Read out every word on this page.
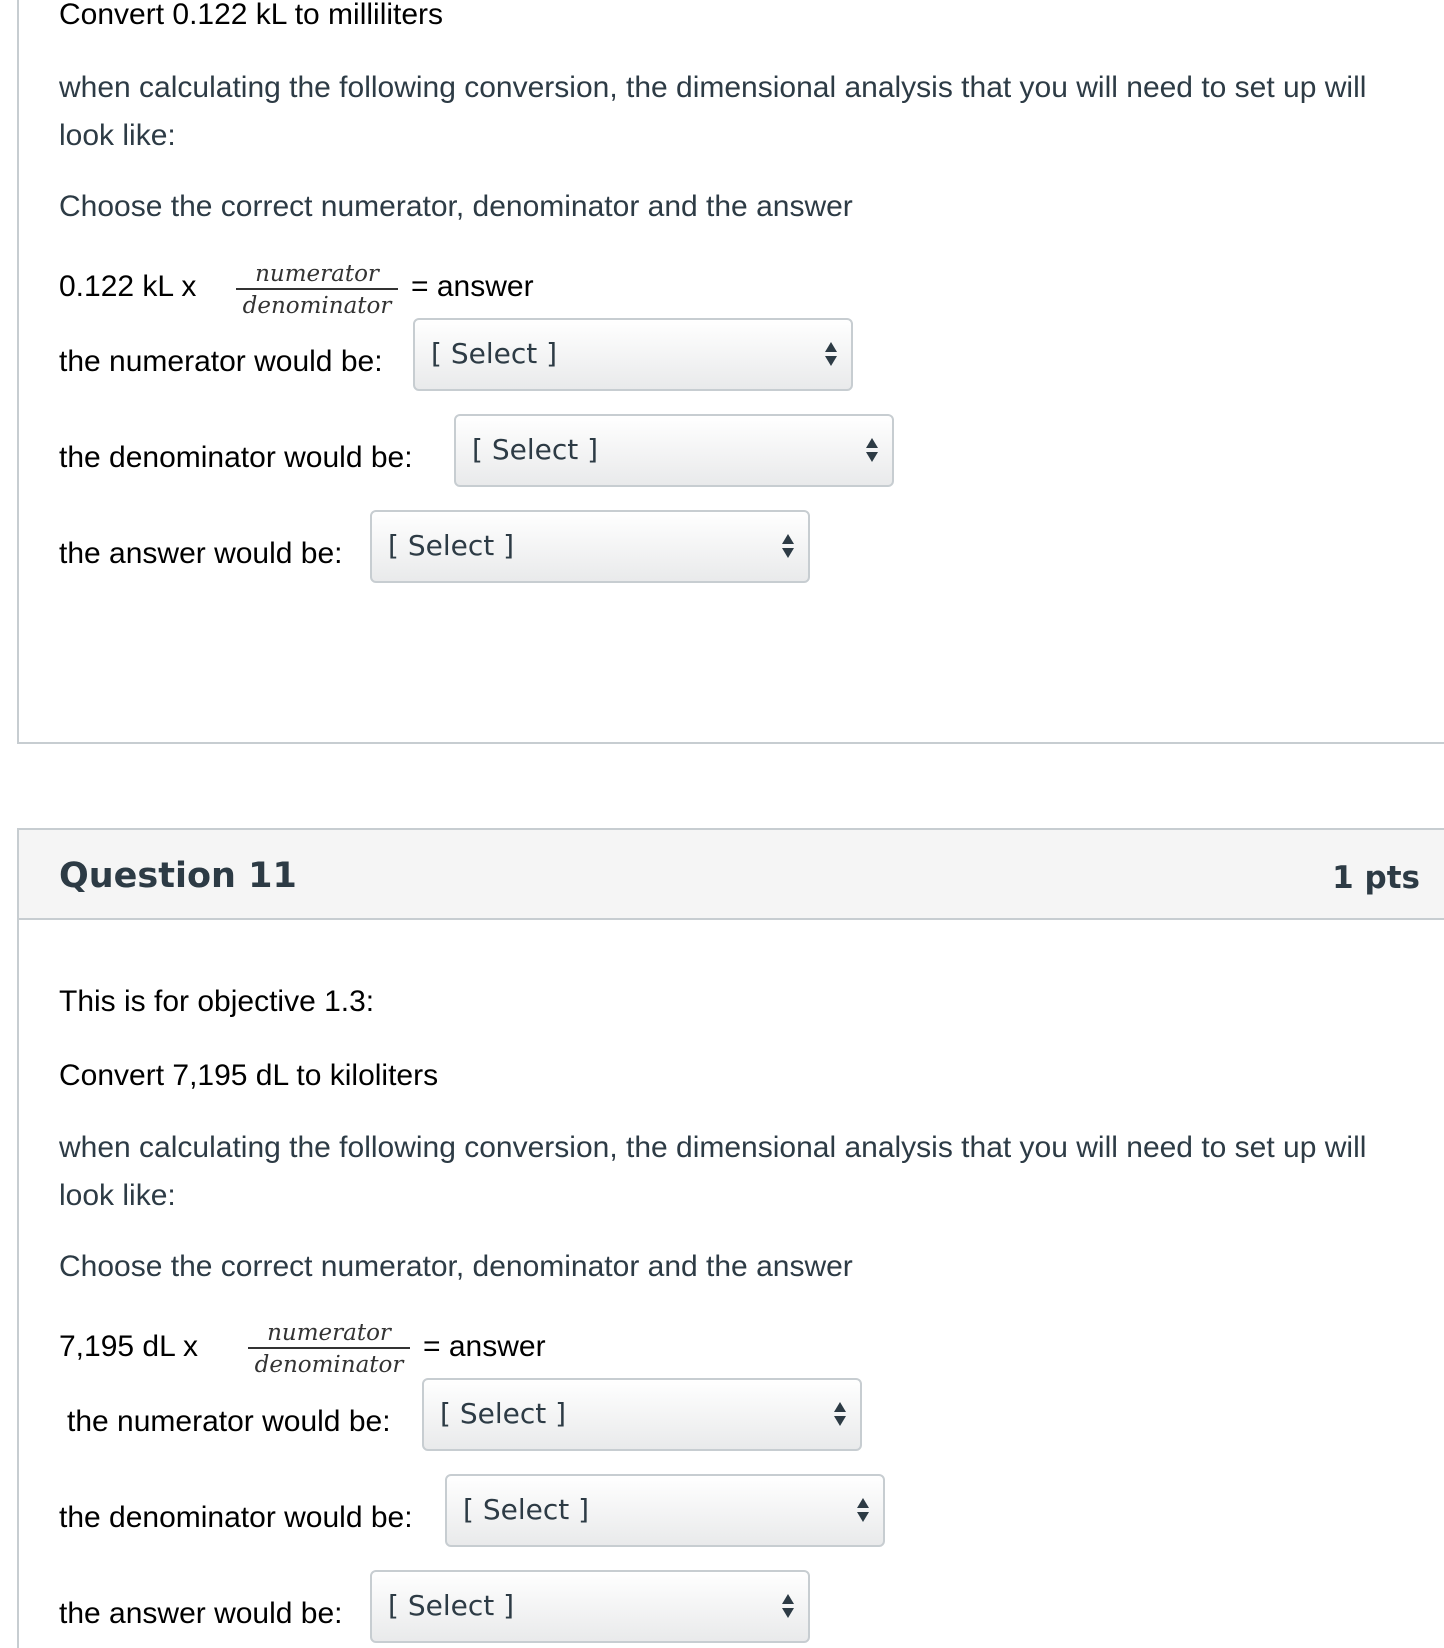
Convert 0.122 kL to milliliters
when calculating the following conversion, the dimensional analysis that you will need to set up will look like:
Choose the correct numerator, denominator and the answer
0.122 kL x	numerator
denominator
= answer
the numerator would be: [ Select ]
the denominator would be: [ Select ]
the answer would be: [ Select ]
Question 11	1 pts
This is for objective 1.3:
Convert 7,195 dL to kiloliters
when calculating the following conversion, the dimensional analysis that you will need to set up will look like:
Choose the correct numerator, denominator and the answer
7,195 dL x	numerator
denominator
= answer
the numerator would be: [ Select ]
the denominator would be: [ Select ]
the answer would be: [ Select ]
